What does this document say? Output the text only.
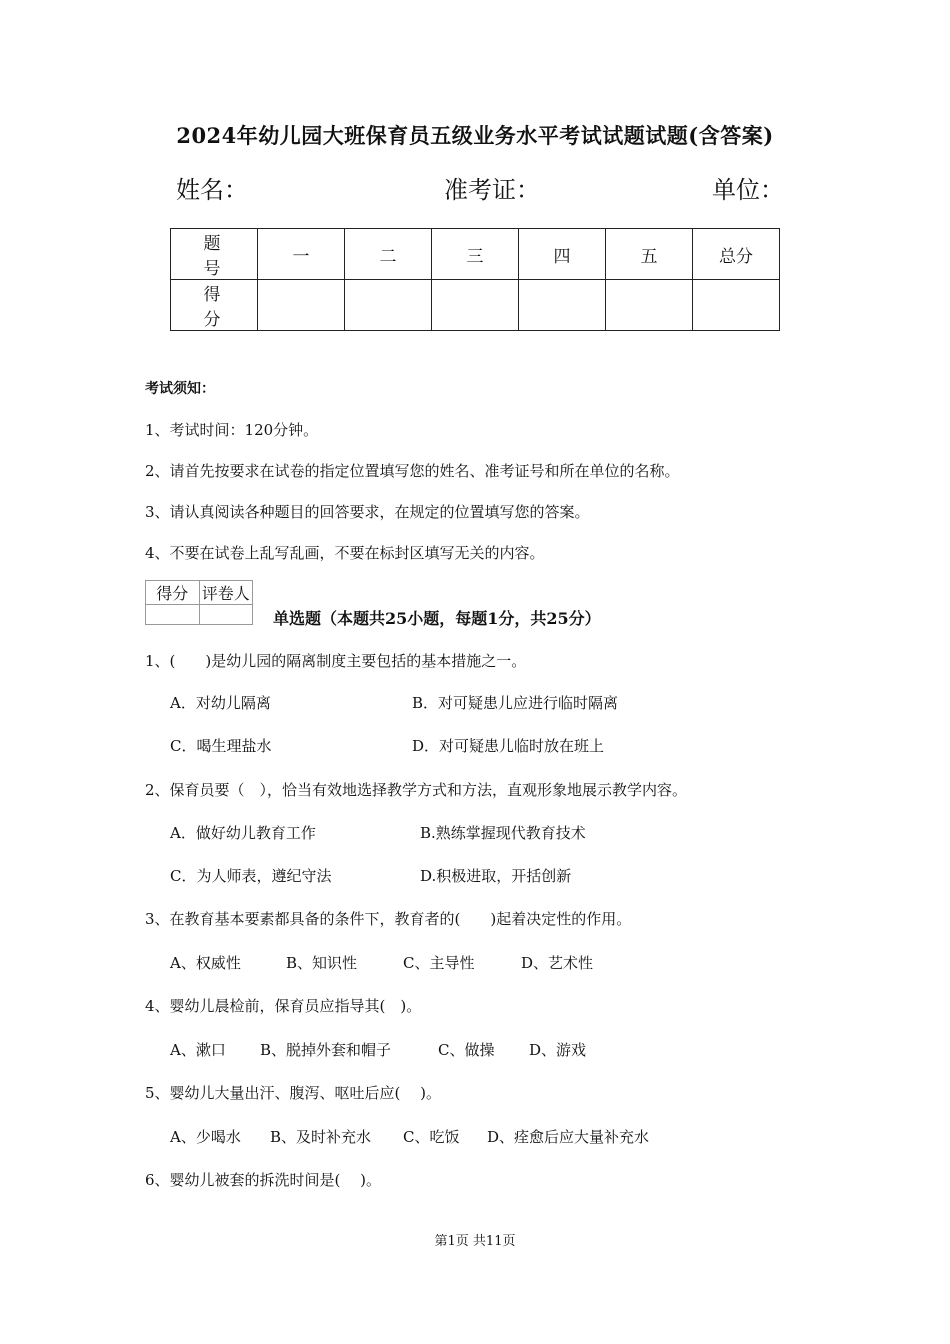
2024年幼儿园大班保育员五级业务水平考试试题试题(含答案)
姓名：	准考证：	单位：
题　号	一	二	三	四	五	总分
得　分						
考试须知：
1、考试时间：120分钟。
2、请首先按要求在试卷的指定位置填写您的姓名、准考证号和所在单位的名称。
3、请认真阅读各种题目的回答要求，在规定的位置填写您的答案。
4、不要在试卷上乱写乱画，不要在标封区填写无关的内容。
得分	评卷人

单选题（本题共25小题，每题1分，共25分）
1、(　　)是幼儿园的隔离制度主要包括的基本措施之一。
A．对幼儿隔离	B．对可疑患儿应进行临时隔离
C．喝生理盐水	D．对可疑患儿临时放在班上
2、保育员要（　），恰当有效地选择教学方式和方法，直观形象地展示教学内容。
A．做好幼儿教育工作	B.熟练掌握现代教育技术
C．为人师表，遵纪守法	D.积极进取，开括创新
3、在教育基本要素都具备的条件下，教育者的(　　)起着决定性的作用。
A、权威性	B、知识性	C、主导性	D、艺术性
4、婴幼儿晨检前，保育员应指导其(　)。
A、漱口 B、脱掉外套和帽子	C、做操 D、游戏
5、婴幼儿大量出汗、腹泻、呕吐后应(　 )。
A、少喝水 B、及时补充水 C、吃饭 D、痊愈后应大量补充水
6、婴幼儿被套的拆洗时间是(　 )。
第1页 共11页
